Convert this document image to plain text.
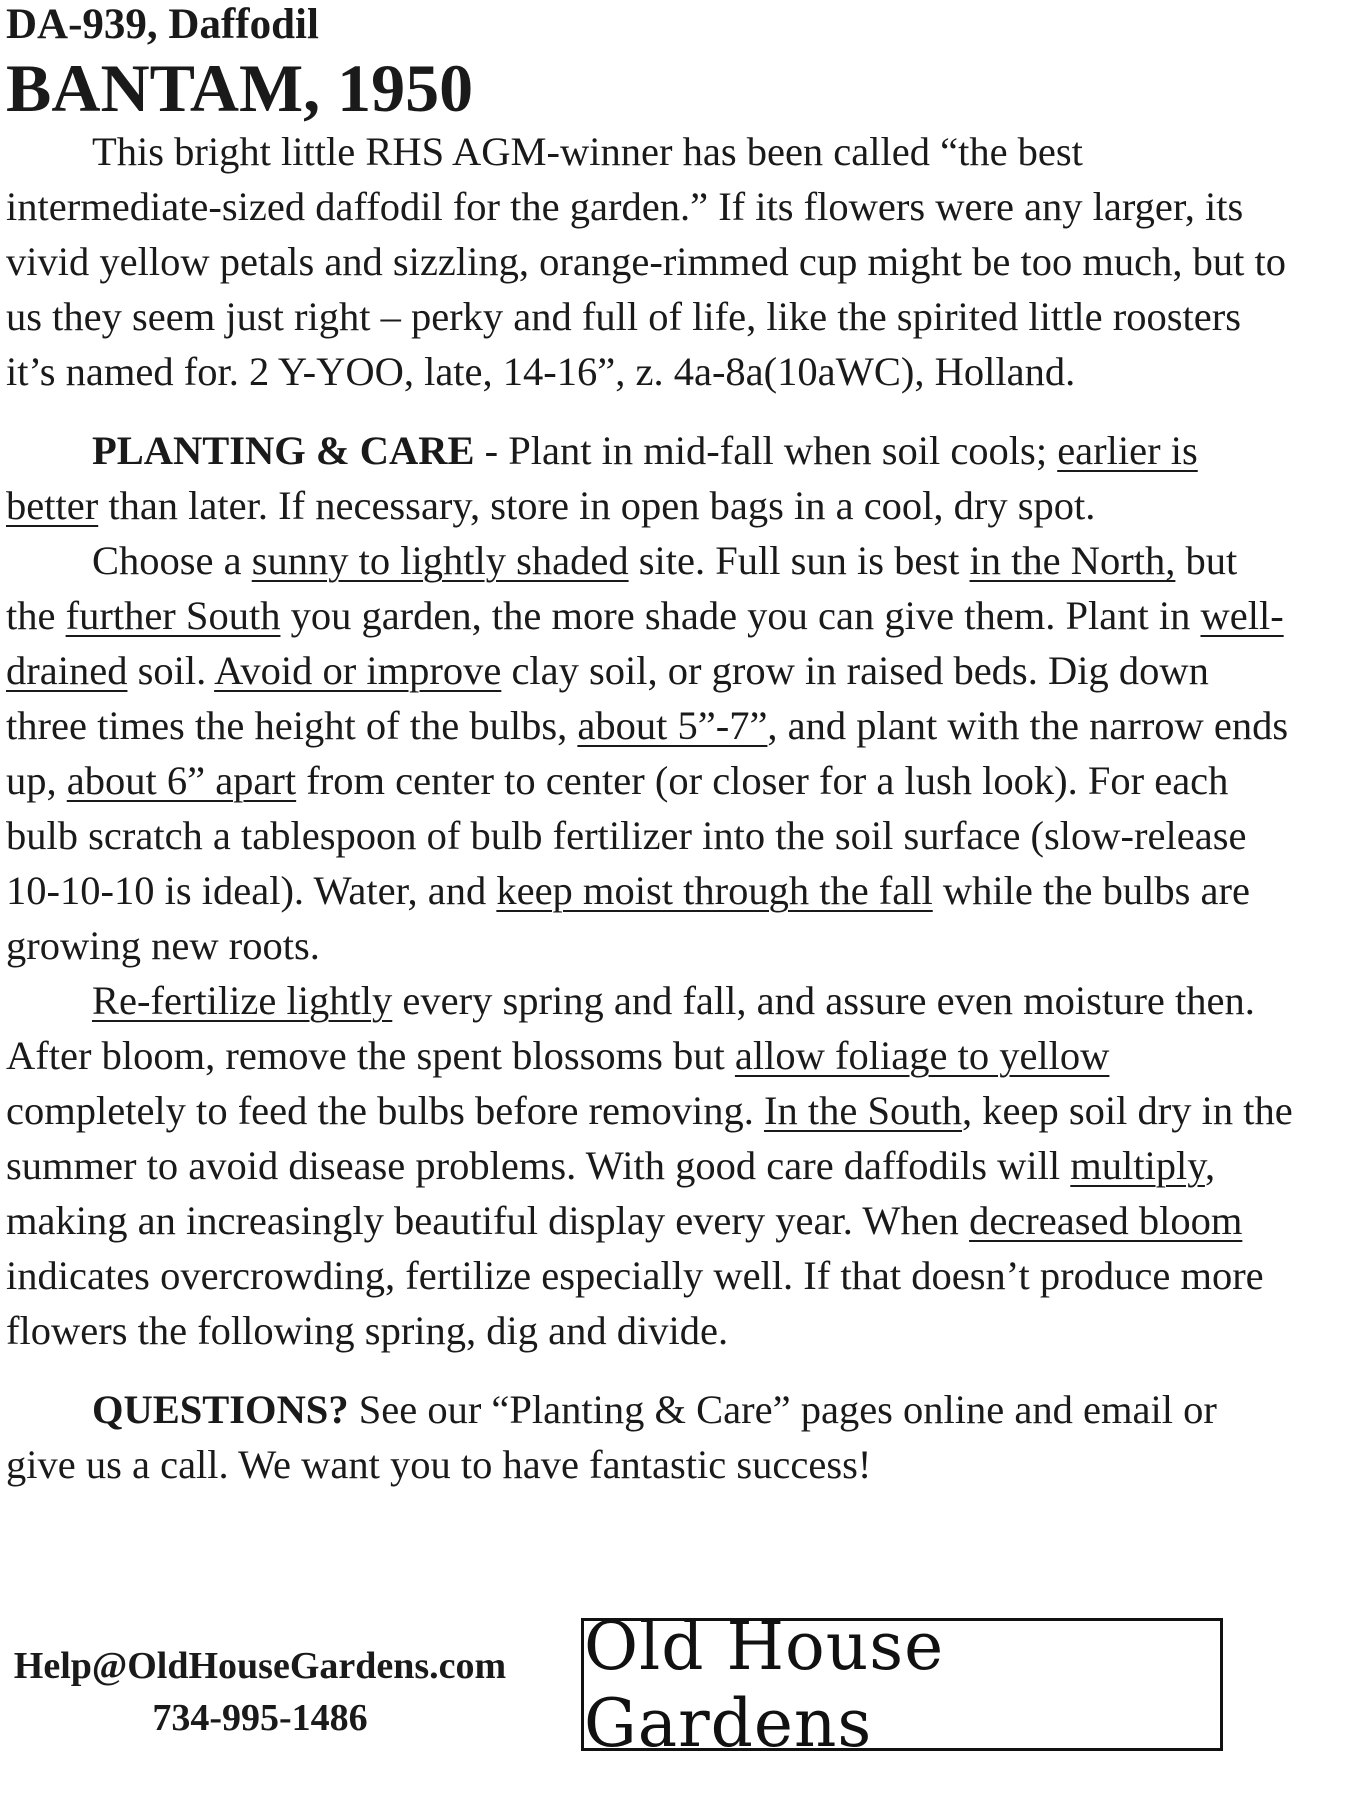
DA-939, Daffodil
BANTAM, 1950

This bright little RHS AGM-winner has been called “the best intermediate-sized daffodil for the garden.” If its flowers were any larger, its vivid yellow petals and sizzling, orange-rimmed cup might be too much, but to us they seem just right – perky and full of life, like the spirited little roosters it’s named for. 2 Y-YOO, late, 14-16”, z. 4a-8a(10aWC), Holland.

PLANTING & CARE - Plant in mid-fall when soil cools; earlier is better than later. If necessary, store in open bags in a cool, dry spot.

Choose a sunny to lightly shaded site. Full sun is best in the North, but the further South you garden, the more shade you can give them. Plant in well-drained soil. Avoid or improve clay soil, or grow in raised beds. Dig down three times the height of the bulbs, about 5”-7”, and plant with the narrow ends up, about 6” apart from center to center (or closer for a lush look). For each bulb scratch a tablespoon of bulb fertilizer into the soil surface (slow-release 10-10-10 is ideal). Water, and keep moist through the fall while the bulbs are growing new roots.

Re-fertilize lightly every spring and fall, and assure even moisture then. After bloom, remove the spent blossoms but allow foliage to yellow completely to feed the bulbs before removing. In the South, keep soil dry in the summer to avoid disease problems. With good care daffodils will multiply, making an increasingly beautiful display every year. When decreased bloom indicates overcrowding, fertilize especially well. If that doesn’t produce more flowers the following spring, dig and divide.

QUESTIONS? See our “Planting & Care” pages online and email or give us a call. We want you to have fantastic success!

Help@OldHouseGardens.com
734-995-1486
Old House Gardens
